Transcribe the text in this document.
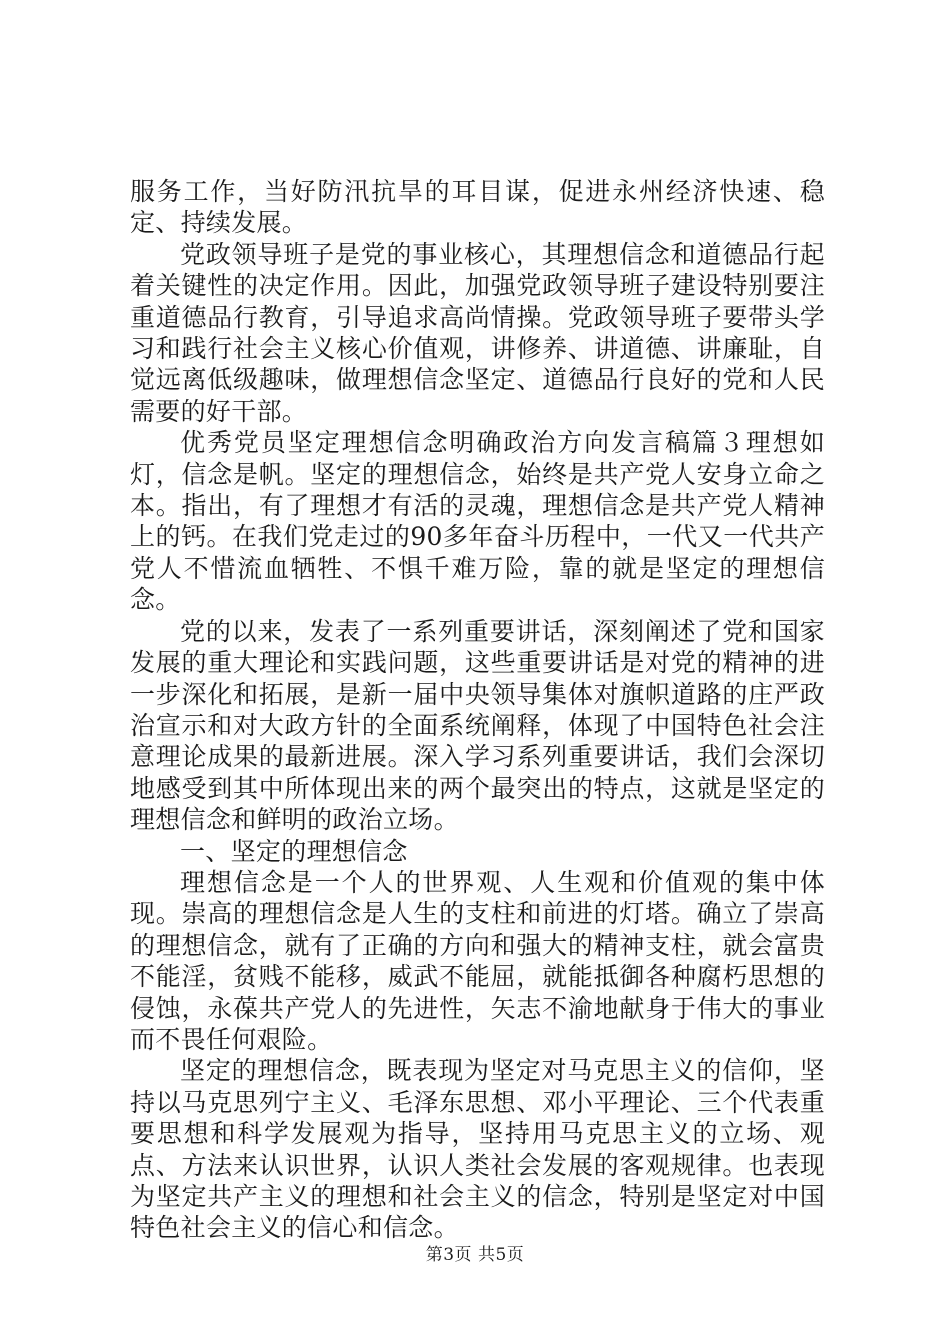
服务工作，当好防汛抗旱的耳目谋，促进永州经济快速、稳定、持续发展。

党政领导班子是党的事业核心，其理想信念和道德品行起着关键性的决定作用。因此，加强党政领导班子建设特别要注重道德品行教育，引导追求高尚情操。党政领导班子要带头学习和践行社会主义核心价值观，讲修养、讲道德、讲廉耻，自觉远离低级趣味，做理想信念坚定、道德品行良好的党和人民需要的好干部。

优秀党员坚定理想信念明确政治方向发言稿篇３理想如灯，信念是帆。坚定的理想信念，始终是共产党人安身立命之本。指出，有了理想才有活的灵魂，理想信念是共产党人精神上的钙。在我们党走过的90多年奋斗历程中，一代又一代共产党人不惜流血牺牲、不惧千难万险，靠的就是坚定的理想信念。

党的以来，发表了一系列重要讲话，深刻阐述了党和国家发展的重大理论和实践问题，这些重要讲话是对党的精神的进一步深化和拓展，是新一届中央领导集体对旗帜道路的庄严政治宣示和对大政方针的全面系统阐释，体现了中国特色社会注意理论成果的最新进展。深入学习系列重要讲话，我们会深切地感受到其中所体现出来的两个最突出的特点，这就是坚定的理想信念和鲜明的政治立场。

一、坚定的理想信念

理想信念是一个人的世界观、人生观和价值观的集中体现。崇高的理想信念是人生的支柱和前进的灯塔。确立了崇高的理想信念，就有了正确的方向和强大的精神支柱，就会富贵不能淫，贫贱不能移，威武不能屈，就能抵御各种腐朽思想的侵蚀，永葆共产党人的先进性，矢志不渝地献身于伟大的事业而不畏任何艰险。

坚定的理想信念，既表现为坚定对马克思主义的信仰，坚持以马克思列宁主义、毛泽东思想、邓小平理论、三个代表重要思想和科学发展观为指导，坚持用马克思主义的立场、观点、方法来认识世界，认识人类社会发展的客观规律。也表现为坚定共产主义的理想和社会主义的信念，特别是坚定对中国特色社会主义的信心和信念。

第3页 共5页
